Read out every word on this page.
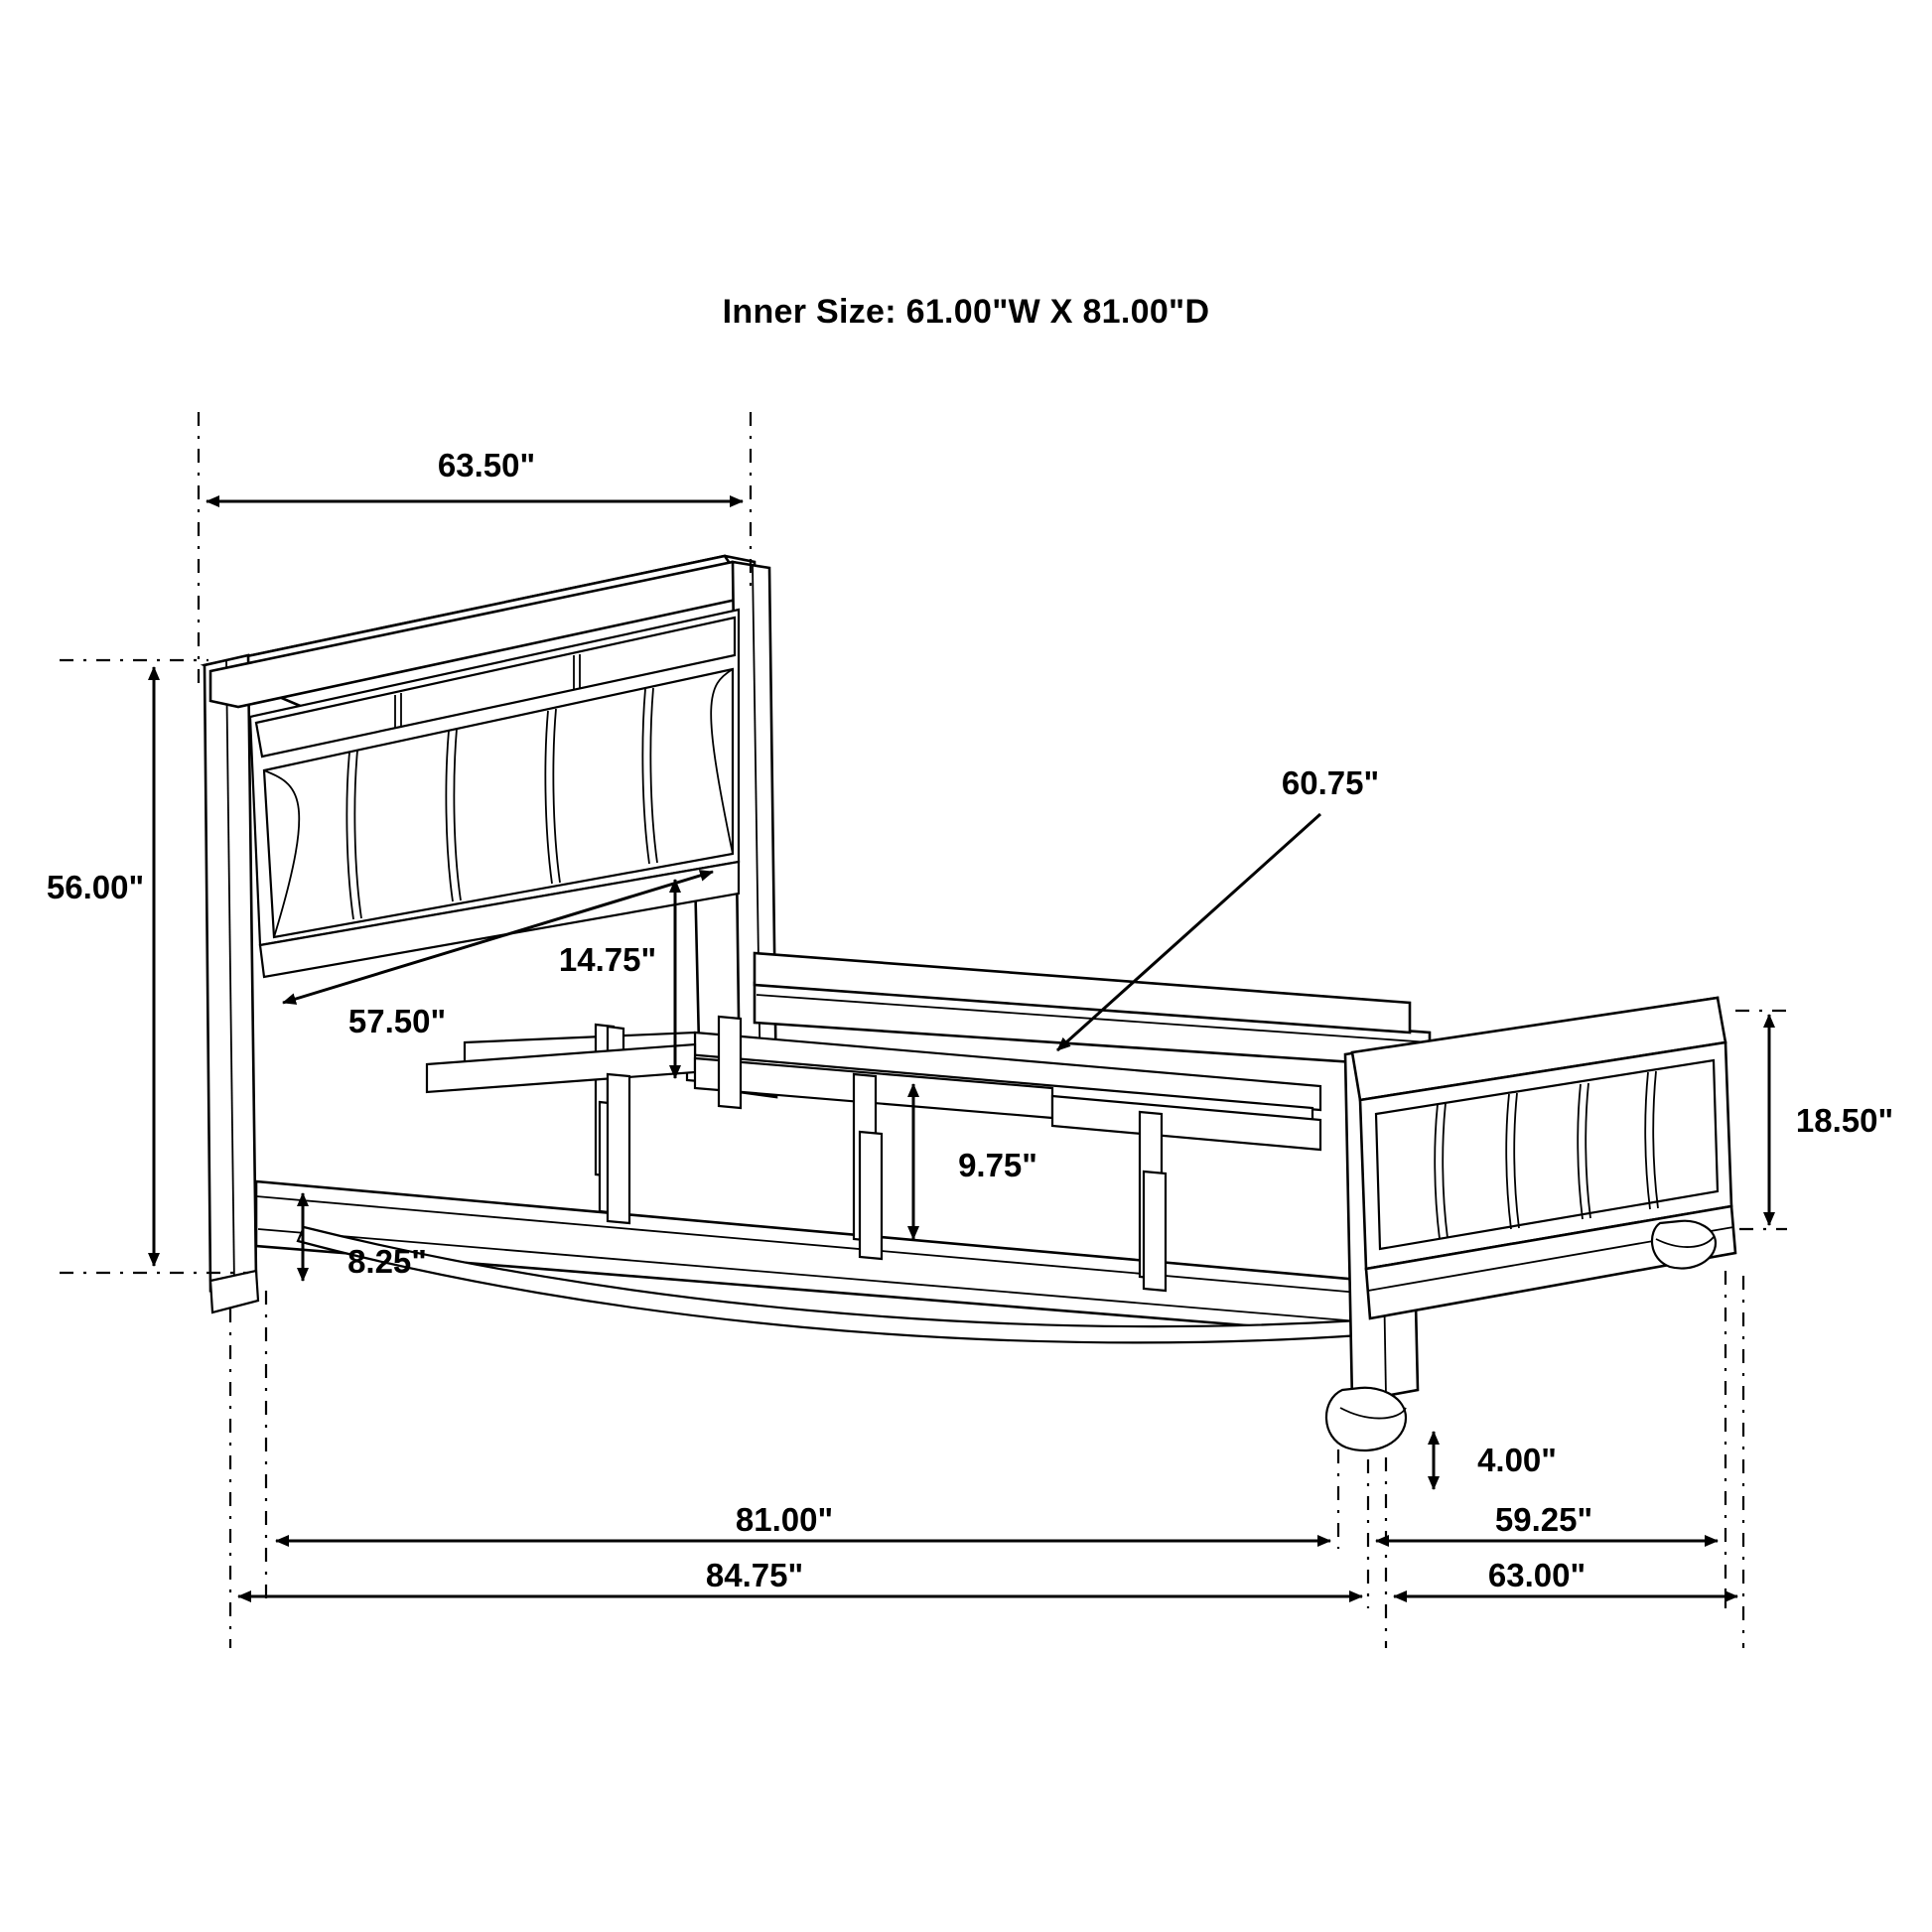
Inner Size: 61.00"W X 81.00"D
63.50"
56.00"
57.50"
14.75"
60.75"
8.25"
9.75"
18.50"
4.00"
81.00"
84.75"
59.25"
63.00"
